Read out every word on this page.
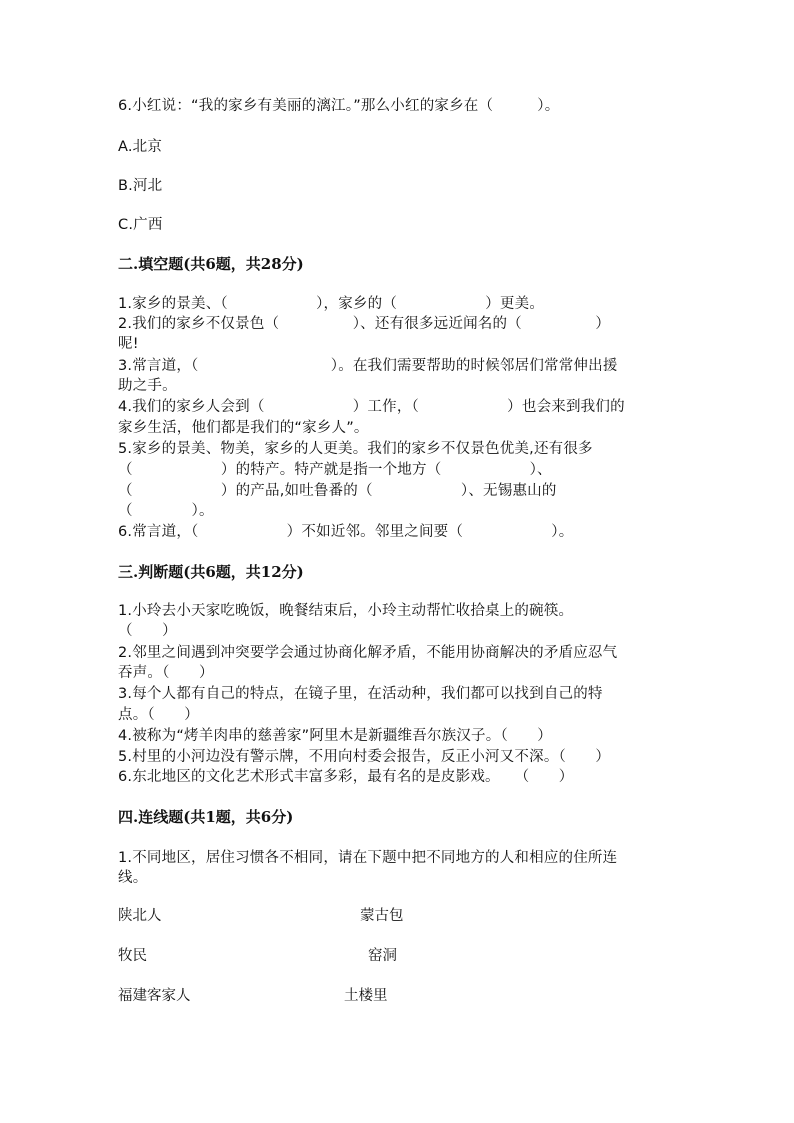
6.小红说：“我的家乡有美丽的漓江。”那么小红的家乡在（　　　）。
A.北京
B.河北
C.广西
二.填空题(共6题，共28分)
1.家乡的景美、（　　　　　　），家乡的（　　　　　　）更美。
2.我们的家乡不仅景色（　　　　　）、还有很多远近闻名的（　　　　　）
呢!
3.常言道，（　　　　　　　　　）。在我们需要帮助的时候邻居们常常伸出援
助之手。
4.我们的家乡人会到（　　　　　　）工作，（　　　　　　）也会来到我们的
家乡生活，他们都是我们的“家乡人”。
5.家乡的景美、物美，家乡的人更美。我们的家乡不仅景色优美,还有很多
（　　　　　　）的特产。特产就是指一个地方（　　　　　　）、
（　　　　　　）的产品,如吐鲁番的（　　　　　　）、无锡惠山的
（　　　　）。
6.常言道，（　　　　　　）不如近邻。邻里之间要（　　　　　　）。
三.判断题(共6题，共12分)
1.小玲去小天家吃晚饭，晚餐结束后，小玲主动帮忙收拾桌上的碗筷。
（　　）
2.邻里之间遇到冲突要学会通过协商化解矛盾，不能用协商解决的矛盾应忍气
吞声。（　　）
3.每个人都有自己的特点，在镜子里，在活动种，我们都可以找到自己的特
点。（　　）
4.被称为“烤羊肉串的慈善家”阿里木是新疆维吾尔族汉子。（　　）
5.村里的小河边没有警示牌，不用向村委会报告，反正小河又不深。（　　）
6.东北地区的文化艺术形式丰富多彩，最有名的是皮影戏。　　（　　）
四.连线题(共1题，共6分)
1.不同地区，居住习惯各不相同，请在下题中把不同地方的人和相应的住所连
线。
陕北人	蒙古包
牧民	窑洞
福建客家人	土楼里
